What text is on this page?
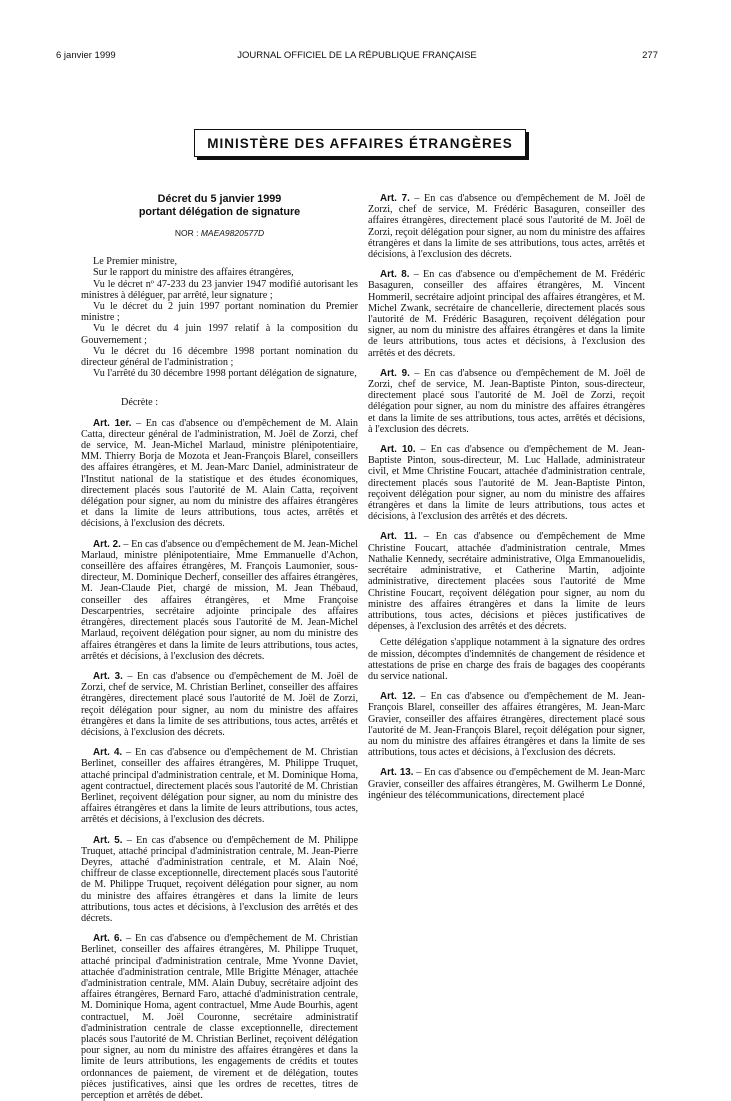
6 janvier 1999	JOURNAL OFFICIEL DE LA RÉPUBLIQUE FRANÇAISE	277
MINISTÈRE DES AFFAIRES ÉTRANGÈRES
Décret du 5 janvier 1999
portant délégation de signature
NOR : MAEA9820577D

Le Premier ministre,

Sur le rapport du ministre des affaires étrangères,

Vu le décret nº 47-233 du 23 janvier 1947 modifié autorisant les ministres à déléguer, par arrêté, leur signature ;

Vu le décret du 2 juin 1997 portant nomination du Premier ministre ;

Vu le décret du 4 juin 1997 relatif à la composition du Gouvernement ;

Vu le décret du 16 décembre 1998 portant nomination du directeur général de l'administration ;

Vu l'arrêté du 30 décembre 1998 portant délégation de signature,

Décrète :

Art. 1er. – En cas d'absence ou d'empêchement de M. Alain Catta, directeur général de l'administration, M. Joël de Zorzi, chef de service, M. Jean-Michel Marlaud, ministre plénipotentiaire, MM. Thierry Borja de Mozota et Jean-François Blarel, conseillers des affaires étrangères, et M. Jean-Marc Daniel, administrateur de l'Institut national de la statistique et des études économiques, directement placés sous l'autorité de M. Alain Catta, reçoivent délégation pour signer, au nom du ministre des affaires étrangères et dans la limite de leurs attributions, tous actes, arrêtés et décisions, à l'exclusion des décrets.

Art. 2. – En cas d'absence ou d'empêchement de M. Jean-Michel Marlaud, ministre plénipotentiaire, Mme Emmanuelle d'Achon, conseillère des affaires étrangères, M. François Laumonier, sous-directeur, M. Dominique Decherf, conseiller des affaires étrangères, M. Jean-Claude Piet, chargé de mission, M. Jean Thébaud, conseiller des affaires étrangères, et Mme Françoise Descarpentries, secrétaire adjointe principale des affaires étrangères, directement placés sous l'autorité de M. Jean-Michel Marlaud, reçoivent délégation pour signer, au nom du ministre des affaires étrangères et dans la limite de leurs attributions, tous actes, arrêtés et décisions, à l'exclusion des décrets.

Art. 3. – En cas d'absence ou d'empêchement de M. Joël de Zorzi, chef de service, M. Christian Berlinet, conseiller des affaires étrangères, directement placé sous l'autorité de M. Joël de Zorzi, reçoit délégation pour signer, au nom du ministre des affaires étrangères et dans la limite de ses attributions, tous actes, arrêtés et décisions, à l'exclusion des décrets.

Art. 4. – En cas d'absence ou d'empêchement de M. Christian Berlinet, conseiller des affaires étrangères, M. Philippe Truquet, attaché principal d'administration centrale, et M. Dominique Homa, agent contractuel, directement placés sous l'autorité de M. Christian Berlinet, reçoivent délégation pour signer, au nom du ministre des affaires étrangères et dans la limite de leurs attributions, tous actes, arrêtés et décisions, à l'exclusion des décrets.

Art. 5. – En cas d'absence ou d'empêchement de M. Philippe Truquet, attaché principal d'administration centrale, M. Jean-Pierre Deyres, attaché d'administration centrale, et M. Alain Noé, chiffreur de classe exceptionnelle, directement placés sous l'autorité de M. Philippe Truquet, reçoivent délégation pour signer, au nom du ministre des affaires étrangères et dans la limite de leurs attributions, tous actes et décisions, à l'exclusion des arrêtés et des décrets.

Art. 6. – En cas d'absence ou d'empêchement de M. Christian Berlinet, conseiller des affaires étrangères, M. Philippe Truquet, attaché principal d'administration centrale, Mme Yvonne Daviet, attachée d'administration centrale, Mlle Brigitte Ménager, attachée d'administration centrale, MM. Alain Dubuy, secrétaire adjoint des affaires étrangères, Bernard Faro, attaché d'administration centrale, M. Dominique Homa, agent contractuel, Mme Aude Bourhis, agent contractuel, M. Joël Couronne, secrétaire administratif d'administration centrale de classe exceptionnelle, directement placés sous l'autorité de M. Christian Berlinet, reçoivent délégation pour signer, au nom du ministre des affaires étrangères et dans la limite de leurs attributions, les engagements de crédits et toutes ordonnances de paiement, de virement et de délégation, toutes pièces justificatives, ainsi que les ordres de recettes, titres de perception et arrêtés de débet.

Art. 7. – En cas d'absence ou d'empêchement de M. Joël de Zorzi, chef de service, M. Frédéric Basaguren, conseiller des affaires étrangères, directement placé sous l'autorité de M. Joël de Zorzi, reçoit délégation pour signer, au nom du ministre des affaires étrangères et dans la limite de ses attributions, tous actes, arrêtés et décisions, à l'exclusion des décrets.

Art. 8. – En cas d'absence ou d'empêchement de M. Frédéric Basaguren, conseiller des affaires étrangères, M. Vincent Hommeril, secrétaire adjoint principal des affaires étrangères, et M. Michel Zwank, secrétaire de chancellerie, directement placés sous l'autorité de M. Frédéric Basaguren, reçoivent délégation pour signer, au nom du ministre des affaires étrangères et dans la limite de leurs attributions, tous actes et décisions, à l'exclusion des arrêtés et des décrets.

Art. 9. – En cas d'absence ou d'empêchement de M. Joël de Zorzi, chef de service, M. Jean-Baptiste Pinton, sous-directeur, directement placé sous l'autorité de M. Joël de Zorzi, reçoit délégation pour signer, au nom du ministre des affaires étrangères et dans la limite de ses attributions, tous actes, arrêtés et décisions, à l'exclusion des décrets.

Art. 10. – En cas d'absence ou d'empêchement de M. Jean-Baptiste Pinton, sous-directeur, M. Luc Hallade, administrateur civil, et Mme Christine Foucart, attachée d'administration centrale, directement placés sous l'autorité de M. Jean-Baptiste Pinton, reçoivent délégation pour signer, au nom du ministre des affaires étrangères et dans la limite de leurs attributions, tous actes et décisions, à l'exclusion des arrêtés et des décrets.

Art. 11. – En cas d'absence ou d'empêchement de Mme Christine Foucart, attachée d'administration centrale, Mmes Nathalie Kennedy, secrétaire administrative, Olga Emmanouelidis, secrétaire administrative, et Catherine Martin, adjointe administrative, directement placées sous l'autorité de Mme Christine Foucart, reçoivent délégation pour signer, au nom du ministre des affaires étrangères et dans la limite de leurs attributions, tous actes, décisions et pièces justificatives de dépenses, à l'exclusion des arrêtés et des décrets.

Cette délégation s'applique notamment à la signature des ordres de mission, décomptes d'indemnités de changement de résidence et attestations de prise en charge des frais de bagages des coopérants du service national.

Art. 12. – En cas d'absence ou d'empêchement de M. Jean-François Blarel, conseiller des affaires étrangères, M. Jean-Marc Gravier, conseiller des affaires étrangères, directement placé sous l'autorité de M. Jean-François Blarel, reçoit délégation pour signer, au nom du ministre des affaires étrangères et dans la limite de ses attributions, tous actes et décisions, à l'exclusion des décrets.

Art. 13. – En cas d'absence ou d'empêchement de M. Jean-Marc Gravier, conseiller des affaires étrangères, M. Gwilherm Le Donné, ingénieur des télécommunications, directement placé
